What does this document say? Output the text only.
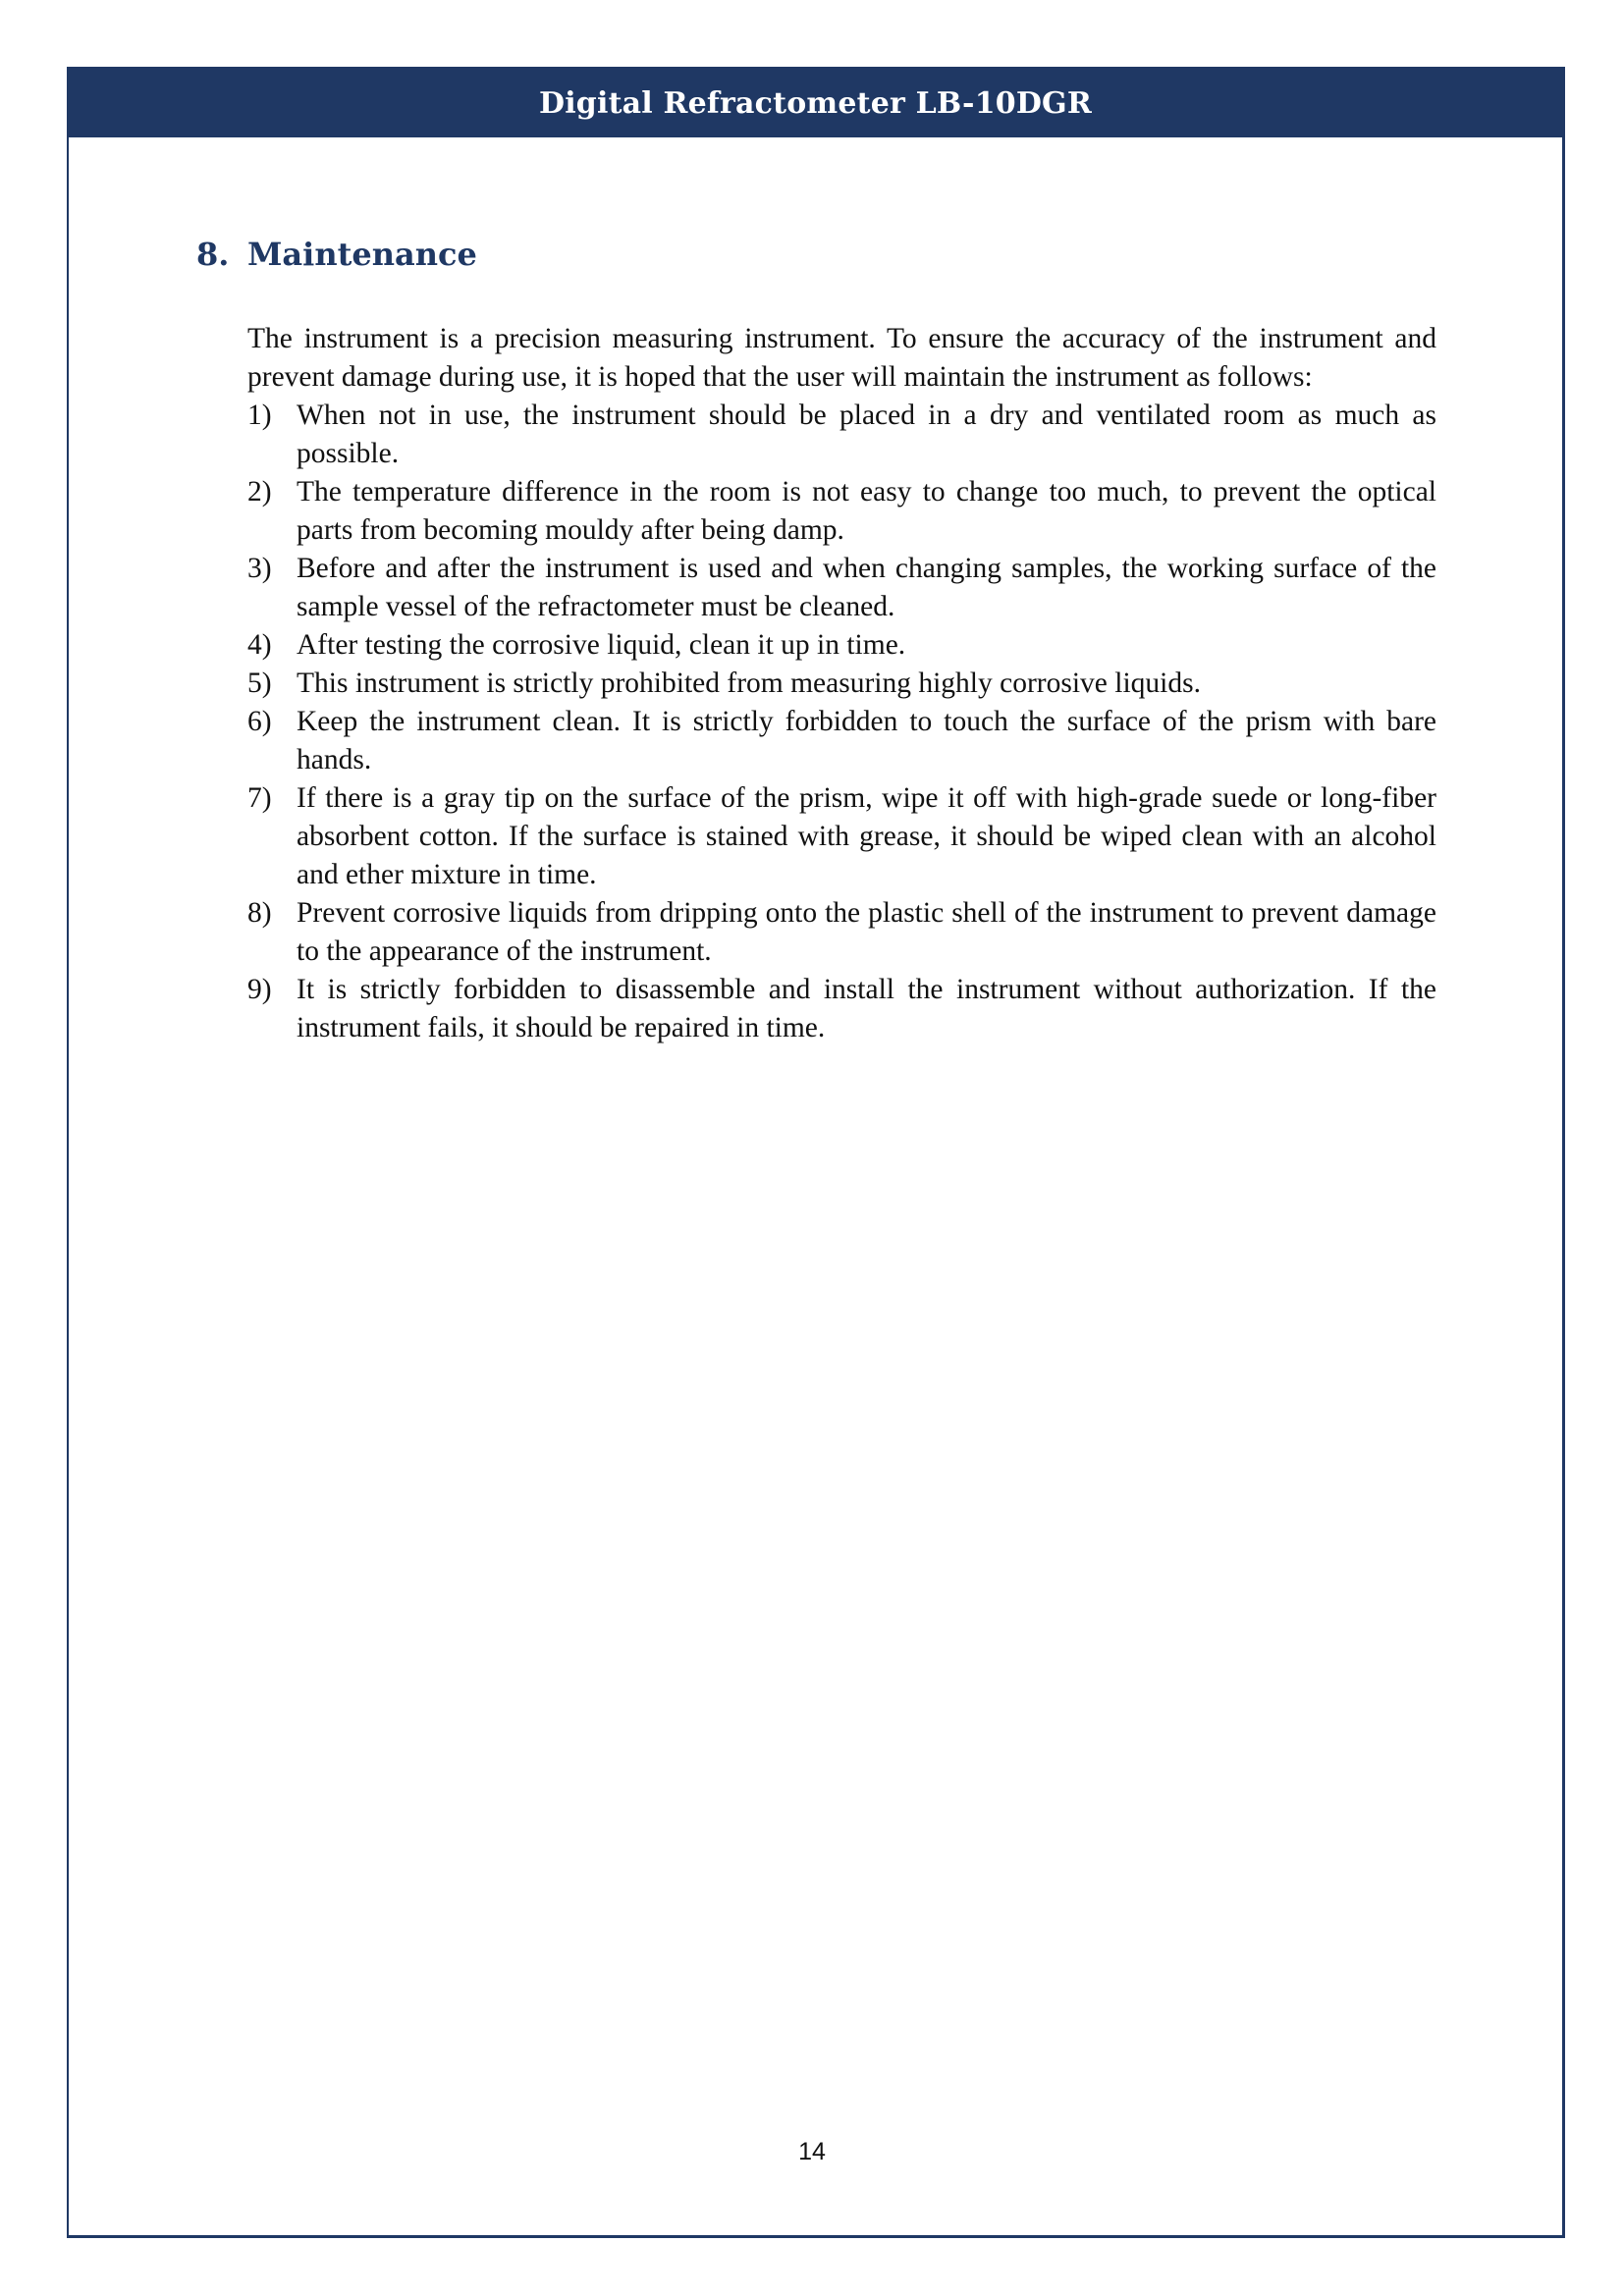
Digital Refractometer LB-10DGR
8. Maintenance

The instrument is a precision measuring instrument. To ensure the accuracy of the instrument and prevent damage during use, it is hoped that the user will maintain the instrument as follows:

1) When not in use, the instrument should be placed in a dry and ventilated room as much as possible.
2) The temperature difference in the room is not easy to change too much, to prevent the optical parts from becoming mouldy after being damp.
3) Before and after the instrument is used and when changing samples, the working surface of the sample vessel of the refractometer must be cleaned.
4) After testing the corrosive liquid, clean it up in time.
5) This instrument is strictly prohibited from measuring highly corrosive liquids.
6) Keep the instrument clean. It is strictly forbidden to touch the surface of the prism with bare hands.
7) If there is a gray tip on the surface of the prism, wipe it off with high-grade suede or long-fiber absorbent cotton. If the surface is stained with grease, it should be wiped clean with an alcohol and ether mixture in time.
8) Prevent corrosive liquids from dripping onto the plastic shell of the instrument to prevent damage to the appearance of the instrument.
9) It is strictly forbidden to disassemble and install the instrument without authorization. If the instrument fails, it should be repaired in time.
14
